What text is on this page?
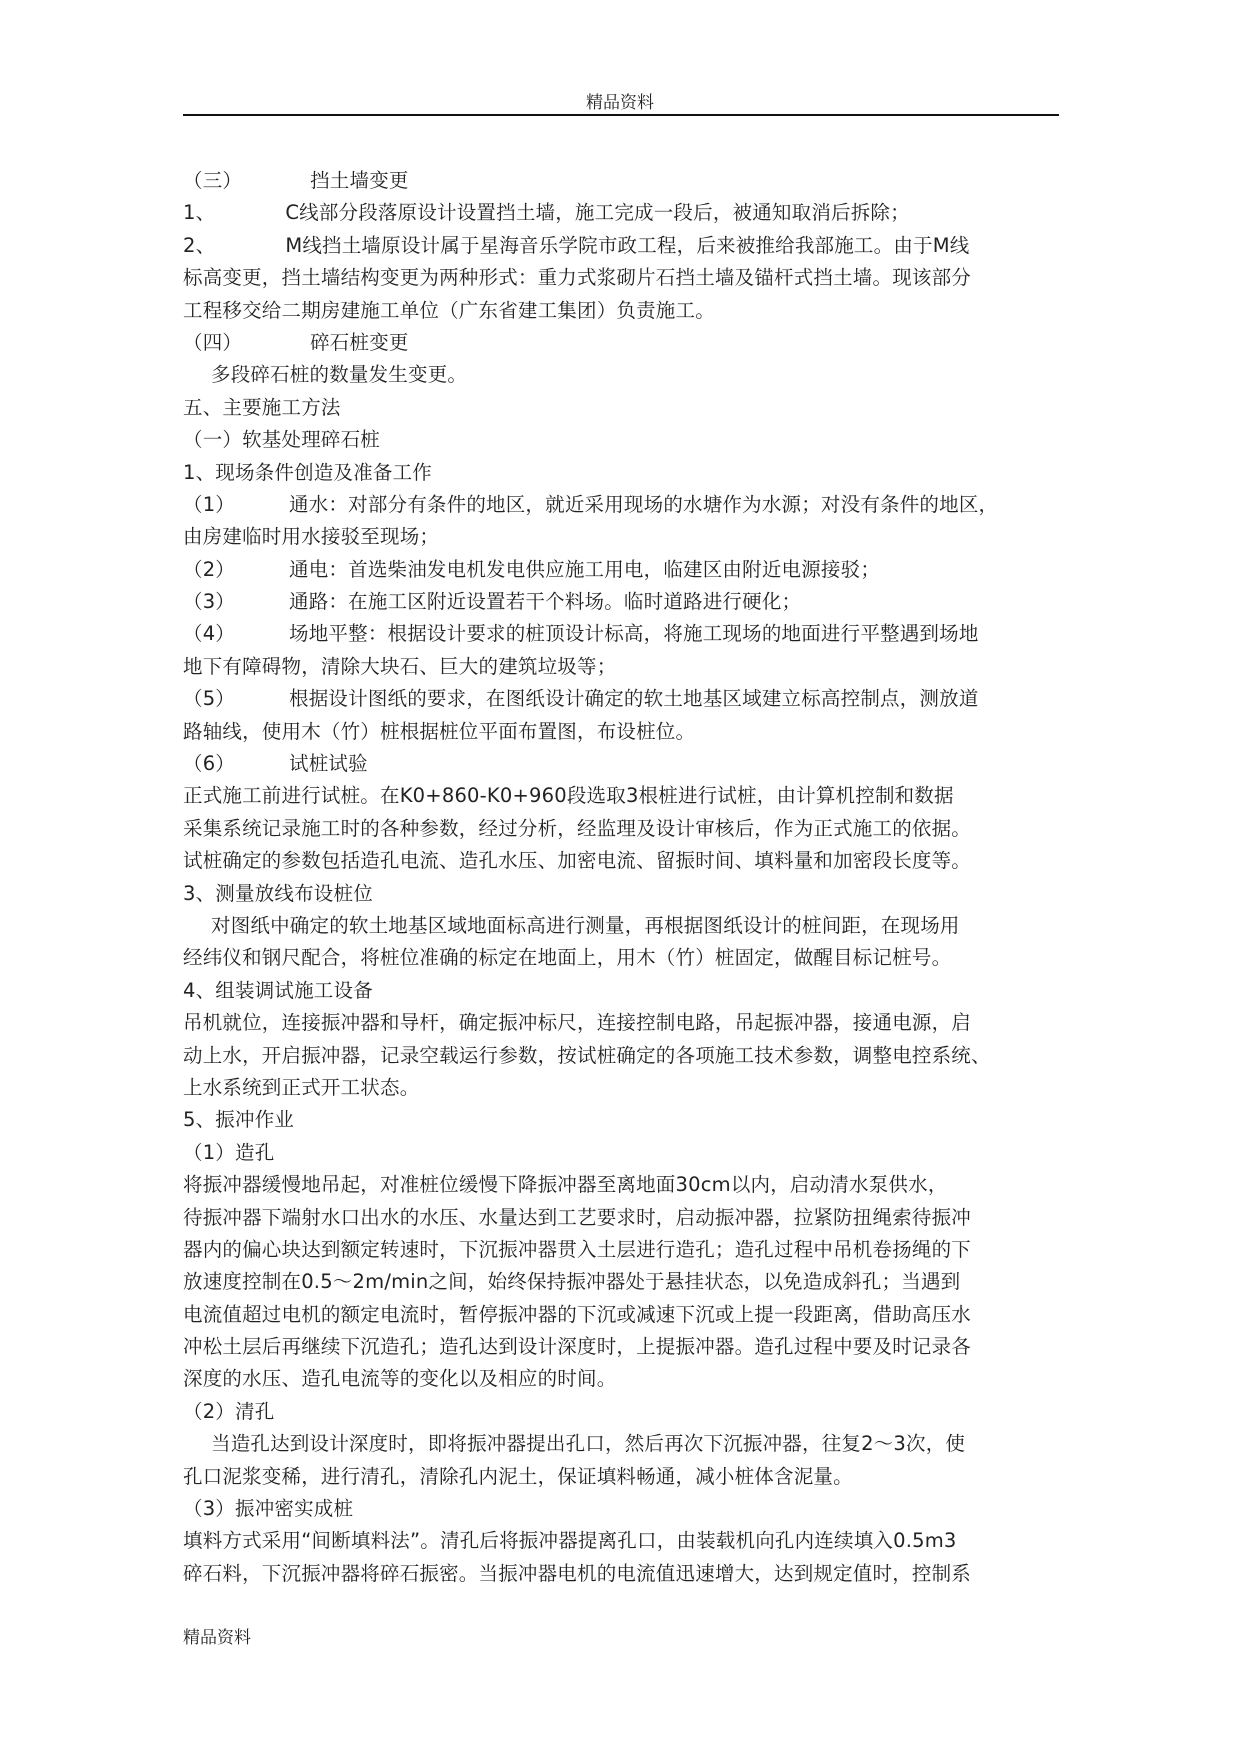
精品资料
（三）	挡土墙变更
1、	C线部分段落原设计设置挡土墙，施工完成一段后，被通知取消后拆除；
2、	M线挡土墙原设计属于星海音乐学院市政工程，后来被推给我部施工。由于M线
标高变更，挡土墙结构变更为两种形式：重力式浆砌片石挡土墙及锚杆式挡土墙。现该部分
工程移交给二期房建施工单位（广东省建工集团）负责施工。
（四）	碎石桩变更
多段碎石桩的数量发生变更。
五、主要施工方法
（一）软基处理碎石桩
1、现场条件创造及准备工作
（1）	通水：对部分有条件的地区，就近采用现场的水塘作为水源；对没有条件的地区，
由房建临时用水接驳至现场；
（2）	通电：首选柴油发电机发电供应施工用电，临建区由附近电源接驳；
（3）	通路：在施工区附近设置若干个料场。临时道路进行硬化；
（4）	场地平整：根据设计要求的桩顶设计标高，将施工现场的地面进行平整遇到场地
地下有障碍物，清除大块石、巨大的建筑垃圾等；
（5）	根据设计图纸的要求，在图纸设计确定的软土地基区域建立标高控制点，测放道
路轴线，使用木（竹）桩根据桩位平面布置图，布设桩位。
（6）	试桩试验
正式施工前进行试桩。在K0+860-K0+960段选取3根桩进行试桩，由计算机控制和数据
采集系统记录施工时的各种参数，经过分析，经监理及设计审核后，作为正式施工的依据。
试桩确定的参数包括造孔电流、造孔水压、加密电流、留振时间、填料量和加密段长度等。
3、测量放线布设桩位
对图纸中确定的软土地基区域地面标高进行测量，再根据图纸设计的桩间距，在现场用
经纬仪和钢尺配合，将桩位准确的标定在地面上，用木（竹）桩固定，做醒目标记桩号。
4、组装调试施工设备
吊机就位，连接振冲器和导杆，确定振冲标尺，连接控制电路，吊起振冲器，接通电源，启
动上水，开启振冲器，记录空载运行参数，按试桩确定的各项施工技术参数，调整电控系统、
上水系统到正式开工状态。
5、振冲作业
（1）造孔
将振冲器缓慢地吊起，对准桩位缓慢下降振冲器至离地面30cm以内，启动清水泵供水，
待振冲器下端射水口出水的水压、水量达到工艺要求时，启动振冲器，拉紧防扭绳索待振冲
器内的偏心块达到额定转速时，下沉振冲器贯入土层进行造孔；造孔过程中吊机卷扬绳的下
放速度控制在0.5～2m/min之间，始终保持振冲器处于悬挂状态，以免造成斜孔；当遇到
电流值超过电机的额定电流时，暂停振冲器的下沉或减速下沉或上提一段距离，借助高压水
冲松土层后再继续下沉造孔；造孔达到设计深度时，上提振冲器。造孔过程中要及时记录各
深度的水压、造孔电流等的变化以及相应的时间。
（2）清孔
当造孔达到设计深度时，即将振冲器提出孔口，然后再次下沉振冲器，往复2～3次，使
孔口泥浆变稀，进行清孔，清除孔内泥土，保证填料畅通，减小桩体含泥量。
（3）振冲密实成桩
填料方式采用“间断填料法”。清孔后将振冲器提离孔口，由装载机向孔内连续填入0.5m3
碎石料，下沉振冲器将碎石振密。当振冲器电机的电流值迅速增大，达到规定值时，控制系
精品资料
